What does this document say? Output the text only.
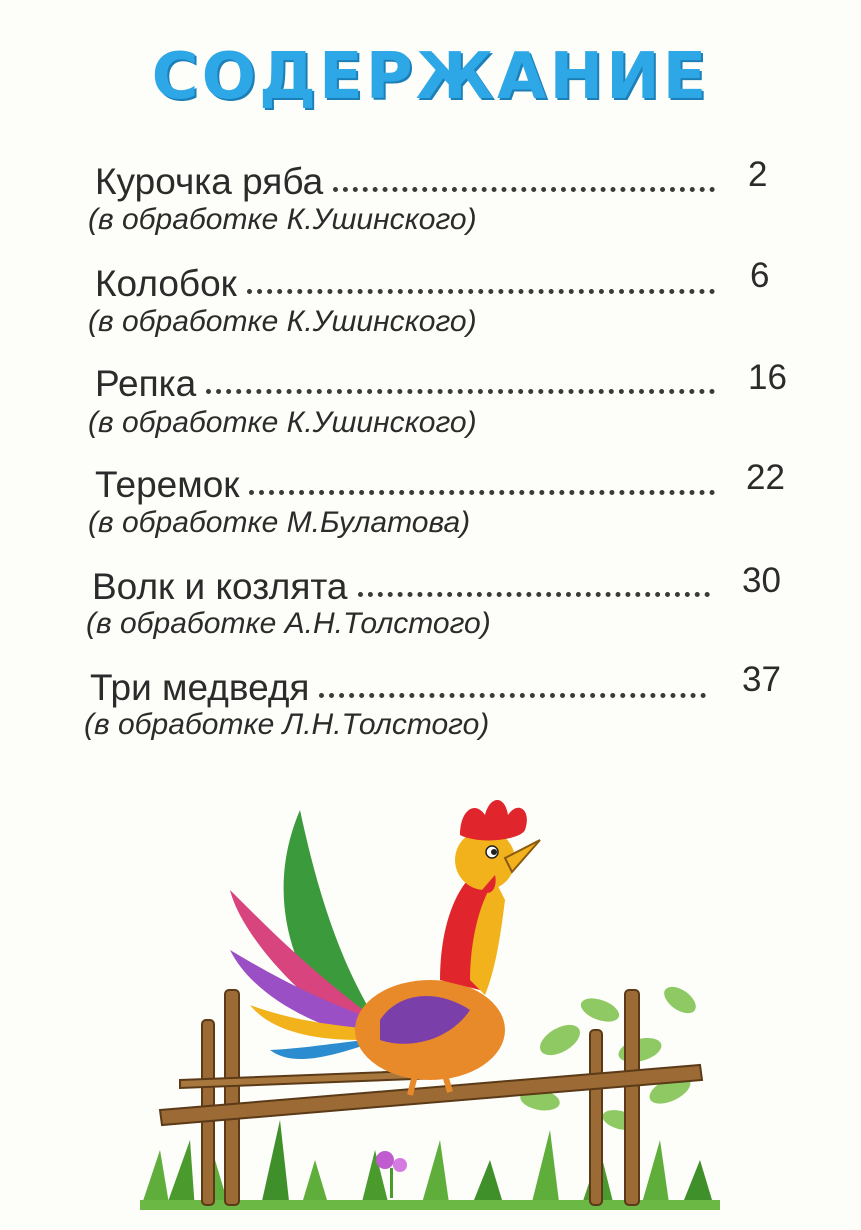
СОДЕРЖАНИЕ
Курочка ряба	2
(в обработке К.Ушинского)
Колобок	6
(в обработке К.Ушинского)
Репка	16
(в обработке К.Ушинского)
Теремок	22
(в обработке М.Булатова)
Волк и козлята	30
(в обработке А.Н.Толстого)
Три медведя	37
(в обработке Л.Н.Толстого)
